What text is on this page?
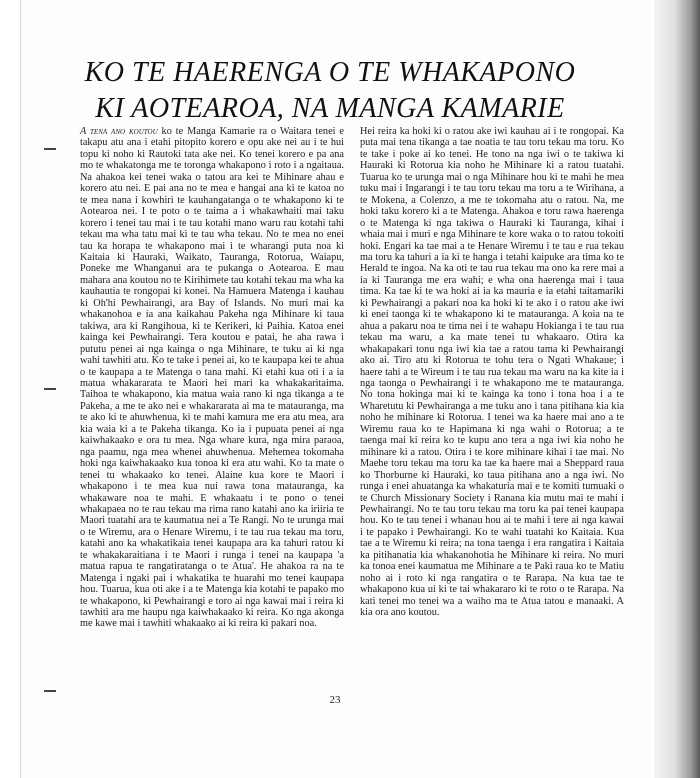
KO TE HAERENGA O TE WHAKAPONO
KI AOTEAROA, NA MANGA KAMARIE

A tena ano koutou ko te Manga Kamarie ra o Waitara tenei e takapu atu ana i etahi pitopito korero e opu ake nei au i te hui topu ki noho ki Rautoki tata ake nei. Ko tenei korero e pa ana mo te whakatonga me te toronga whakapono i roto i a ngaitaua. Na ahakoa kei tenei waka o tatou ara kei te Mihinare ahau e korero atu nei. E pai ana no te mea e hangai ana ki te katoa no te mea nana i kowhiri te kauhangatanga o te whakapono ki te Aotearoa nei. I te poto o te taima a i whakawhaiti mai taku korero i tenei tau mai i te tau kotahi mano waru rau kotahi tahi tekau ma wha tatu mai ki te tau wha tekau. No te mea no enei tau ka horapa te whakapono mai i te wharangi puta noa ki Kaitaia ki Hauraki, Waikato, Tauranga, Rotorua, Waiapu, Poneke me Whanganui ara te pukanga o Aotearoa. E mau mahara ana koutou no te Kirihimete tau kotahi tekau ma wha ka kauhautia te rongopai ki konei. Na Hamuera Matenga i kauhau ki Oh'hi Pewhairangi, ara Bay of Islands. No muri mai ka whakanohoa e ia ana kaikahau Pakeha nga Mihinare ki taua takiwa, ara ki Rangihoua, ki te Kerikeri, ki Paihia. Katoa enei kainga kei Pewhairangi. Tera koutou e patai, he aha rawa i pututu penei ai nga kainga o nga Mihinare, te tuku ai ki nga wahi tawhiti atu. Ko te take i penei ai, ko te kaupapa kei te ahua o te kaupapa a te Matenga o tana mahi. Ki etahi kua oti i a ia matua whakararata te Maori hei mari ka whakakaritaima. Taihoa te whakapono, kia matua waia rano ki nga tikanga a te Pakeha, a me te ako nei e whakararata ai ma te matauranga, ma te ako ki te ahuwhenua, ki te mahi kamura me era atu mea, ara kia waia ki a te Pakeha tikanga. Ko ia i pupuata penei ai nga kaiwhakaako e ora tu mea. Nga whare kura, nga mira paraoa, nga paamu, nga mea whenei ahuwhenua. Mehemea tokomaha hoki nga kaiwhakaako kua tonoa ki era atu wahi. Ko ta mate o tenei tu whakaako ko tenei. Alaine kua kore te Maori i whakapono i te mea kua nui rawa tona matauranga, ka whakaware noa te mahi. E whakaatu i te pono o tenei whakapaea no te rau tekau ma rima rano katahi ano ka iriiria te Maori tuatahi ara te kaumatua nei a Te Rangi. No te urunga mai o te Wiremu, ara o Henare Wiremu, i te tau rua tekau ma toru, katahi ano ka whakatikaia tenei kaupapa ara ka tahuri ratou ki te whakakaraitiana i te Maori i runga i tenei na kaupapa 'a matua rapua te rangatiratanga o te Atua'. He ahakoa ra na te Matenga i ngaki pai i whakatika te huarahi mo tenei kaupapa hou. Tuarua, kua oti ake i a te Matenga kia kotahi te papako mo te whakapono, ki Pewhairangi e toro ai nga kawai mai i reira ki tawhiti ara me haupu nga kaiwhakaako ki reira. Ko nga akonga me kawe mai i tawhiti whakaako ai ki reira ki pakari noa.

Hei reira ka hoki ki o ratou ake iwi kauhau ai i te rongopai. Ka puta mai tena tikanga a tae noatia te tau toru tekau ma toru. Ko te take i poke ai ko tenei. He tono na nga iwi o te takiwa ki Hauraki ki Rotorua kia noho he Mihinare ki a ratou tuatahi. Tuarua ko te urunga mai o nga Mihinare hou ki te mahi he mea tuku mai i Ingarangi i te tau toru tekau ma toru a te Wirihana, a te Mokena, a Colenzo, a me te tokomaha atu o ratou. Na, me hoki taku korero ki a te Matenga. Ahakoa e toru rawa haerenga o te Matenga ki nga takiwa o Hauraki ki Tauranga, kihai i whaia mai i muri e nga Mihinare te kore waka o to ratou tokoiti hoki. Engari ka tae mai a te Henare Wiremu i te tau e rua tekau ma toru ka tahuri a ia ki te hanga i tetahi kaipuke ara tima ko te Herald te ingoa. Na ka oti te tau rua tekau ma ono ka rere mai a ia ki Tauranga me era wahi; e wha ona haerenga mai i taua tima. Ka tae ki te wa hoki ai ia ka mauria e ia etahi taitamariki ki Pewhairangi a pakari noa ka hoki ki te ako i o ratou ake iwi ki enei taonga ki te whakapono ki te matauranga. A koia na te ahua a pakaru noa te tima nei i te wahapu Hokianga i te tau rua tekau ma waru, a ka mate tenei tu whakaaro. Otira ka whakapakari tonu nga iwi kia tae a ratou tama ki Pewhairangi ako ai. Tiro atu ki Rotorua te tohu tera o Ngati Whakaue; i haere tahi a te Wireum i te tau rua tekau ma waru na ka kite ia i nga taonga o Pewhairangi i te whakapono me te matauranga. No tona hokinga mai ki te kainga ka tono i tona hoa i a te Wharetutu ki Pewhairanga a me tuku ano i tana pitihana kia kia noho he mihinare ki Rotorua. I tenei wa ka haere mai ano a te Wiremu raua ko te Hapimana ki nga wahi o Rotorua; a te taenga mai ki reira ko te kupu ano tera a nga iwi kia noho he mihinare ki a ratou. Otira i te kore mihinare kihai i tae mai. No Maehe toru tekau ma toru ka tae ka haere mai a Sheppard raua ko Thorburne ki Hauraki, ko taua pitihana ano a nga iwi. No runga i enei ahuatanga ka whakaturia mai e te komiti tumuaki o te Church Missionary Society i Ranana kia mutu mai te mahi i Pewhairangi. No te tau toru tekau ma toru ka pai tenei kaupapa hou. Ko te tau tenei i whanau hou ai te mahi i tere ai nga kawai i te papako i Pewhairangi. Ko te wahi tuatahi ko Kaitaia. Kua tae a te Wiremu ki reira; na tona taenga i era rangatira i Kaitaia ka pitihanatia kia whakanohotia he Mihinare ki reira. No muri ka tonoa enei kaumatua me Mihinare a te Paki raua ko te Matiu noho ai i roto ki nga rangatira o te Rarapa. Na kua tae te whakapono kua ui ki te tai whakararo ki te roto o te Rarapa. Na kati tenei mo tenei wa a waiho ma te Atua tatou e manaaki. A kia ora ano koutou.

23
